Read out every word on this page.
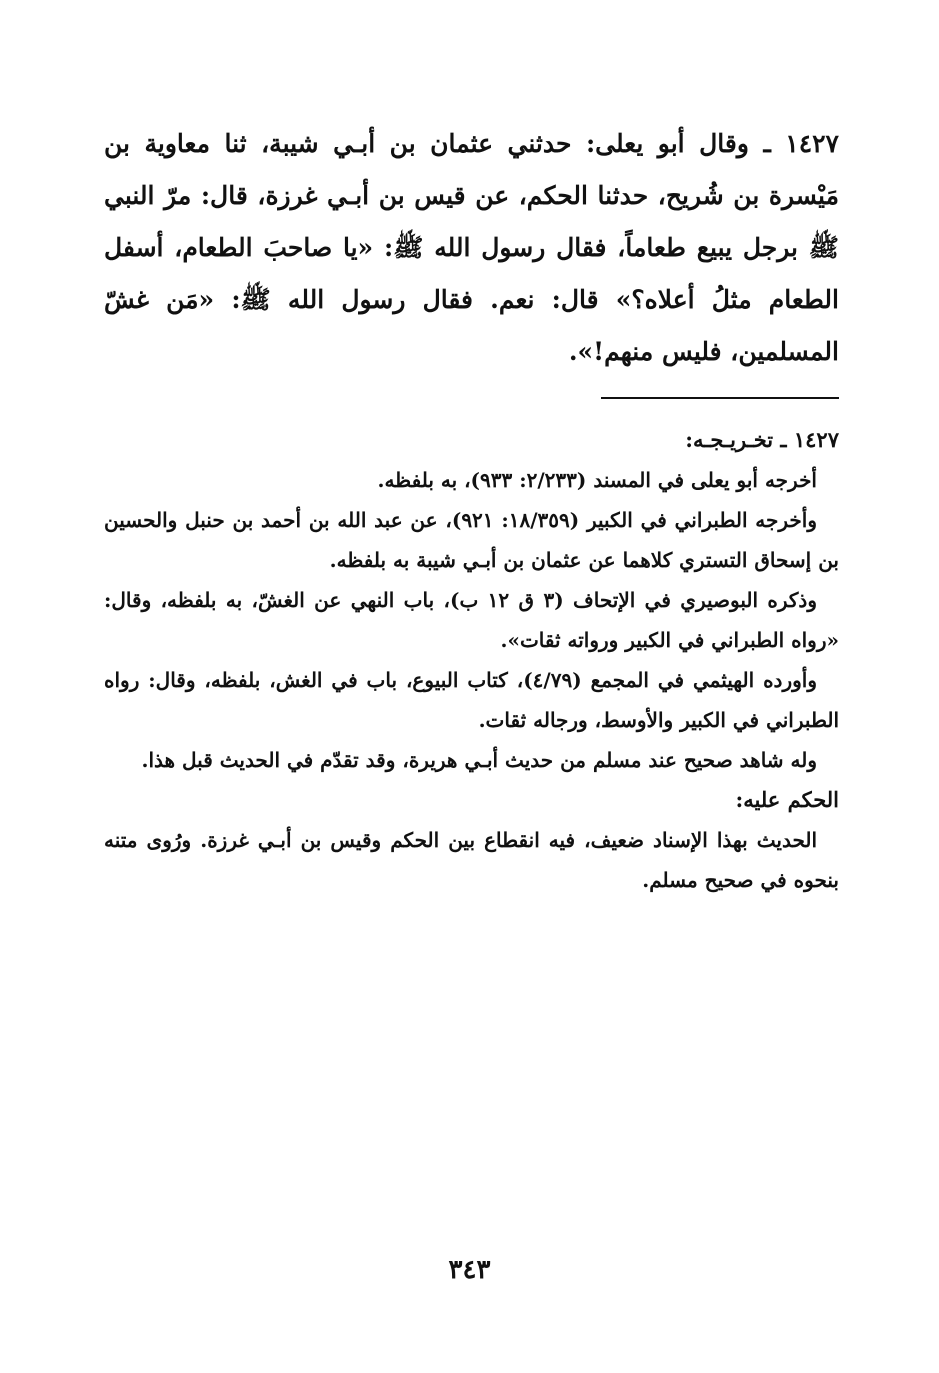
١٤٢٧ ـ وقال أبو يعلى: حدثني عثمان بن أبـي شيبة، ثنا معاوية بن مَيْسرة بن شُريح، حدثنا الحكم، عن قيس بن أبـي غرزة، قال: مرّ النبي ﷺ برجل يبيع طعاماً، فقال رسول الله ﷺ: «يا صاحبَ الطعام، أسفل الطعام مثلُ أعلاه؟» قال: نعم. فقال رسول الله ﷺ: «مَن غشّ المسلمين، فليس منهم!».

١٤٢٧ ـ تخـريـجـه:

أخرجه أبو يعلى في المسند (٢/٢٣٣: ٩٣٣)، به بلفظه.

وأخرجه الطبراني في الكبير (١٨/٣٥٩: ٩٢١)، عن عبد الله بن أحمد بن حنبل والحسين بن إسحاق التستري كلاهما عن عثمان بن أبـي شيبة به بلفظه.

وذكره البوصيري في الإتحاف (٣ ق ١٢ ب)، باب النهي عن الغشّ، به بلفظه، وقال: «رواه الطبراني في الكبير ورواته ثقات».

وأورده الهيثمي في المجمع (٤/٧٩)، كتاب البيوع، باب في الغش، بلفظه، وقال: رواه الطبراني في الكبير والأوسط، ورجاله ثقات.

وله شاهد صحيح عند مسلم من حديث أبـي هريرة، وقد تقدّم في الحديث قبل هذا.

الحكم عليه:

الحديث بهذا الإسناد ضعيف، فيه انقطاع بين الحكم وقيس بن أبـي غرزة. ورُوى متنه بنحوه في صحيح مسلم.

٣٤٣
